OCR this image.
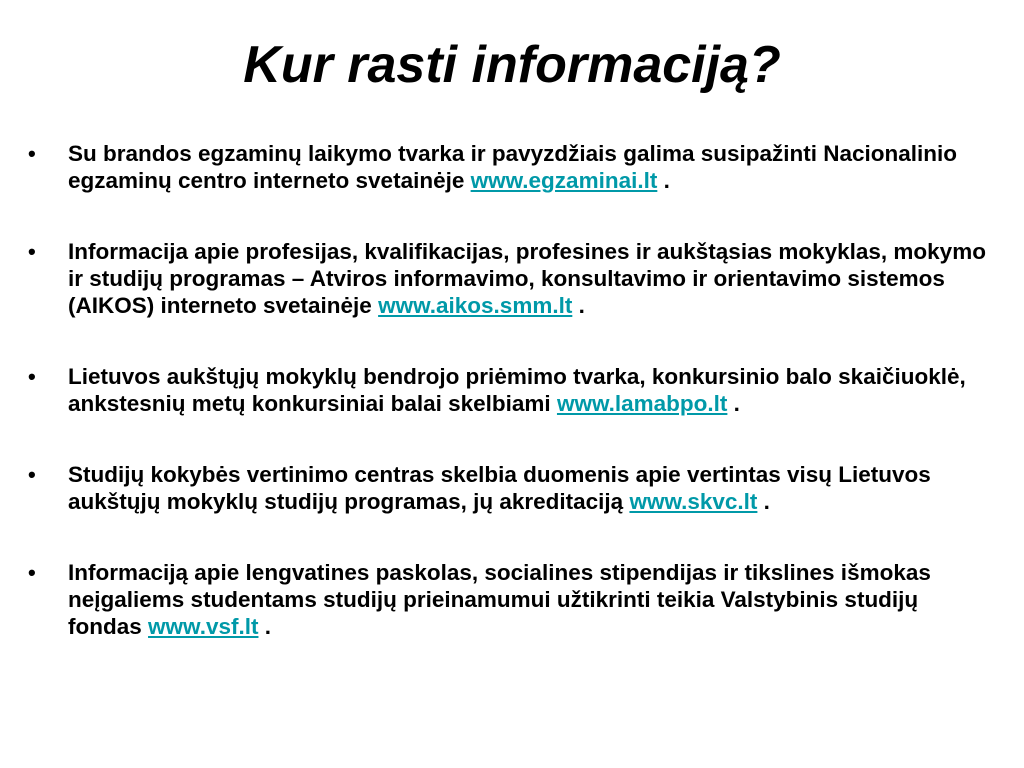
Kur rasti informaciją?
•	Su brandos egzaminų laikymo tvarka ir pavyzdžiais galima susipažinti Nacionalinio egzaminų centro interneto svetainėje www.egzaminai.lt .
•	Informacija apie profesijas, kvalifikacijas, profesines ir aukštąsias mokyklas, mokymo ir studijų programas – Atviros informavimo, konsultavimo ir orientavimo sistemos (AIKOS) interneto svetainėje www.aikos.smm.lt .
•	Lietuvos aukštųjų mokyklų bendrojo priėmimo tvarka, konkursinio balo skaičiuoklė, ankstesnių metų konkursiniai balai skelbiami www.lamabpo.lt .
•	Studijų kokybės vertinimo centras skelbia duomenis apie vertintas visų Lietuvos aukštųjų mokyklų studijų programas, jų akreditaciją www.skvc.lt .
•	Informaciją apie lengvatines paskolas, socialines stipendijas ir tikslines išmokas neįgaliems studentams studijų prieinamumui užtikrinti teikia Valstybinis studijų fondas www.vsf.lt .
